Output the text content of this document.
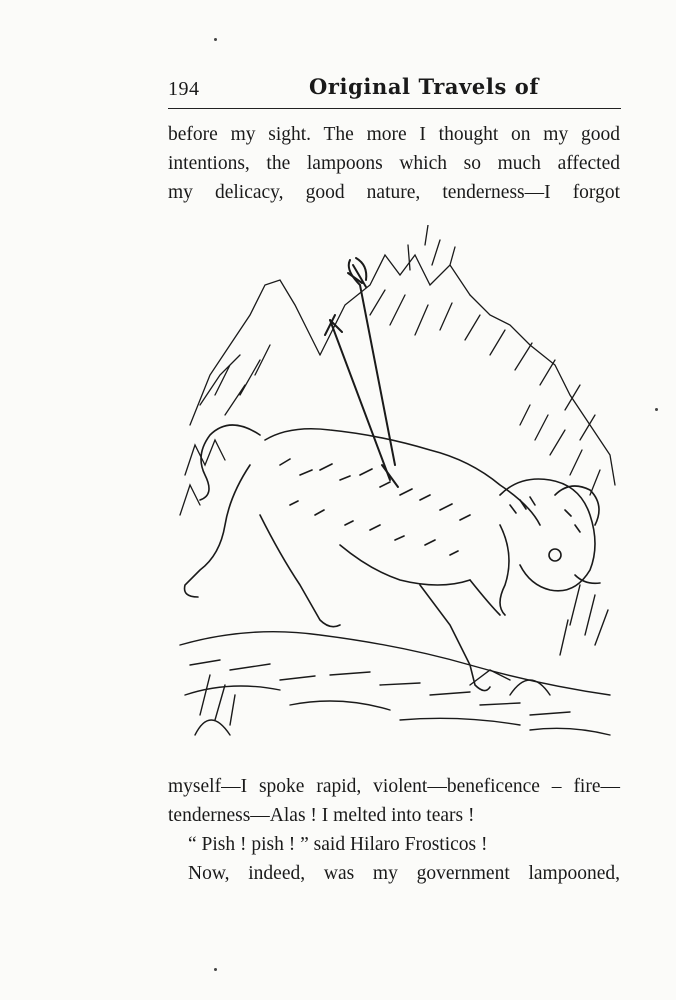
194	Original Travels of
before my sight. The more I thought on my good
intentions, the lampoons which so much affected
my delicacy, good nature, tenderness—I forgot
myself—I spoke rapid, violent—beneficence – fire—
tenderness—Alas ! I melted into tears !
“ Pish ! pish ! ” said Hilaro Frosticos !
Now, indeed, was my government lampooned,
